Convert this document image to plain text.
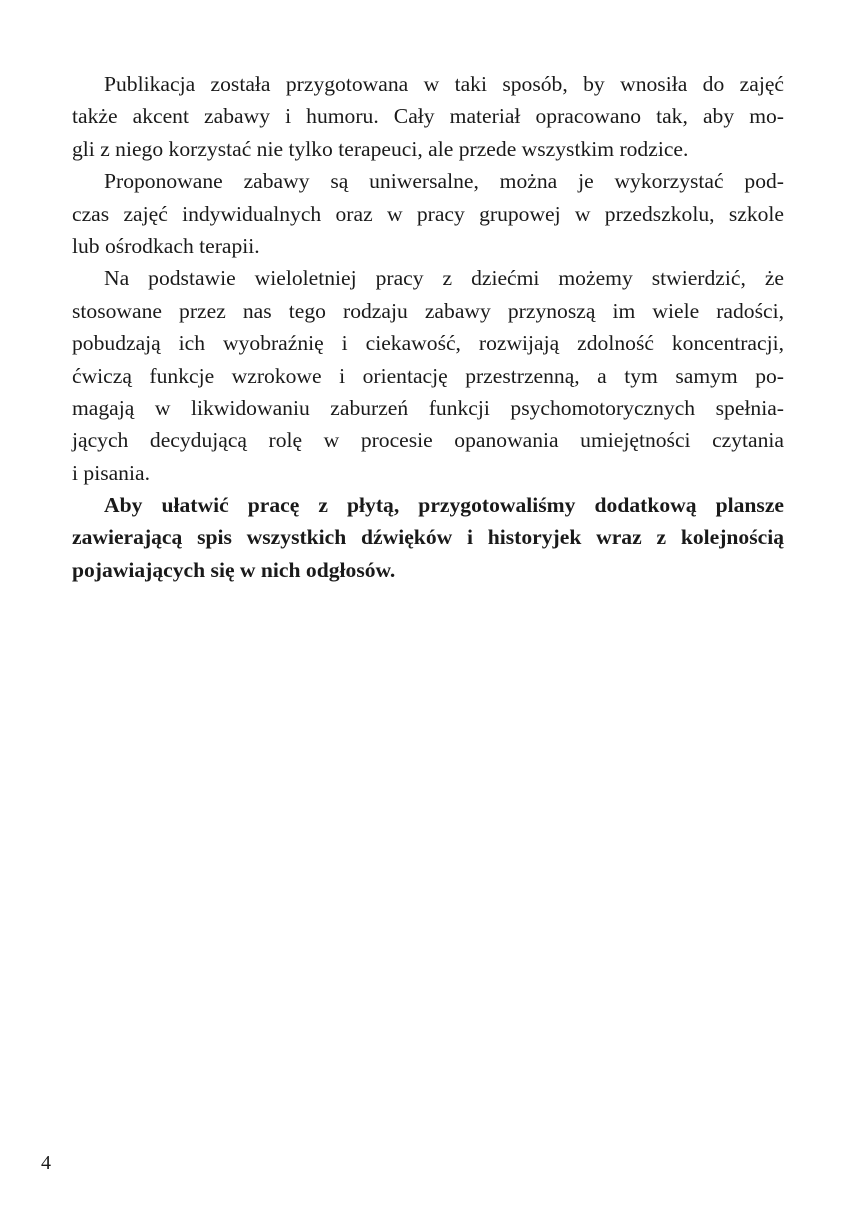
Publikacja została przygotowana w taki sposób, by wnosiła do zajęć
także akcent zabawy i humoru. Cały materiał opracowano tak, aby mo-
gli z niego korzystać nie tylko terapeuci, ale przede wszystkim rodzice.
Proponowane zabawy są uniwersalne, można je wykorzystać pod-
czas zajęć indywidualnych oraz w pracy grupowej w przedszkolu, szkole
lub ośrodkach terapii.
Na podstawie wieloletniej pracy z dziećmi możemy stwierdzić, że
stosowane przez nas tego rodzaju zabawy przynoszą im wiele radości,
pobudzają ich wyobraźnię i ciekawość, rozwijają zdolność koncentracji,
ćwiczą funkcje wzrokowe i orientację przestrzenną, a tym samym po-
magają w likwidowaniu zaburzeń funkcji psychomotorycznych spełnia-
jących decydującą rolę w procesie opanowania umiejętności czytania
i pisania.
Aby ułatwić pracę z płytą, przygotowaliśmy dodatkową plansze
zawierającą spis wszystkich dźwięków i historyjek wraz z kolejnością
pojawiających się w nich odgłosów.
4
